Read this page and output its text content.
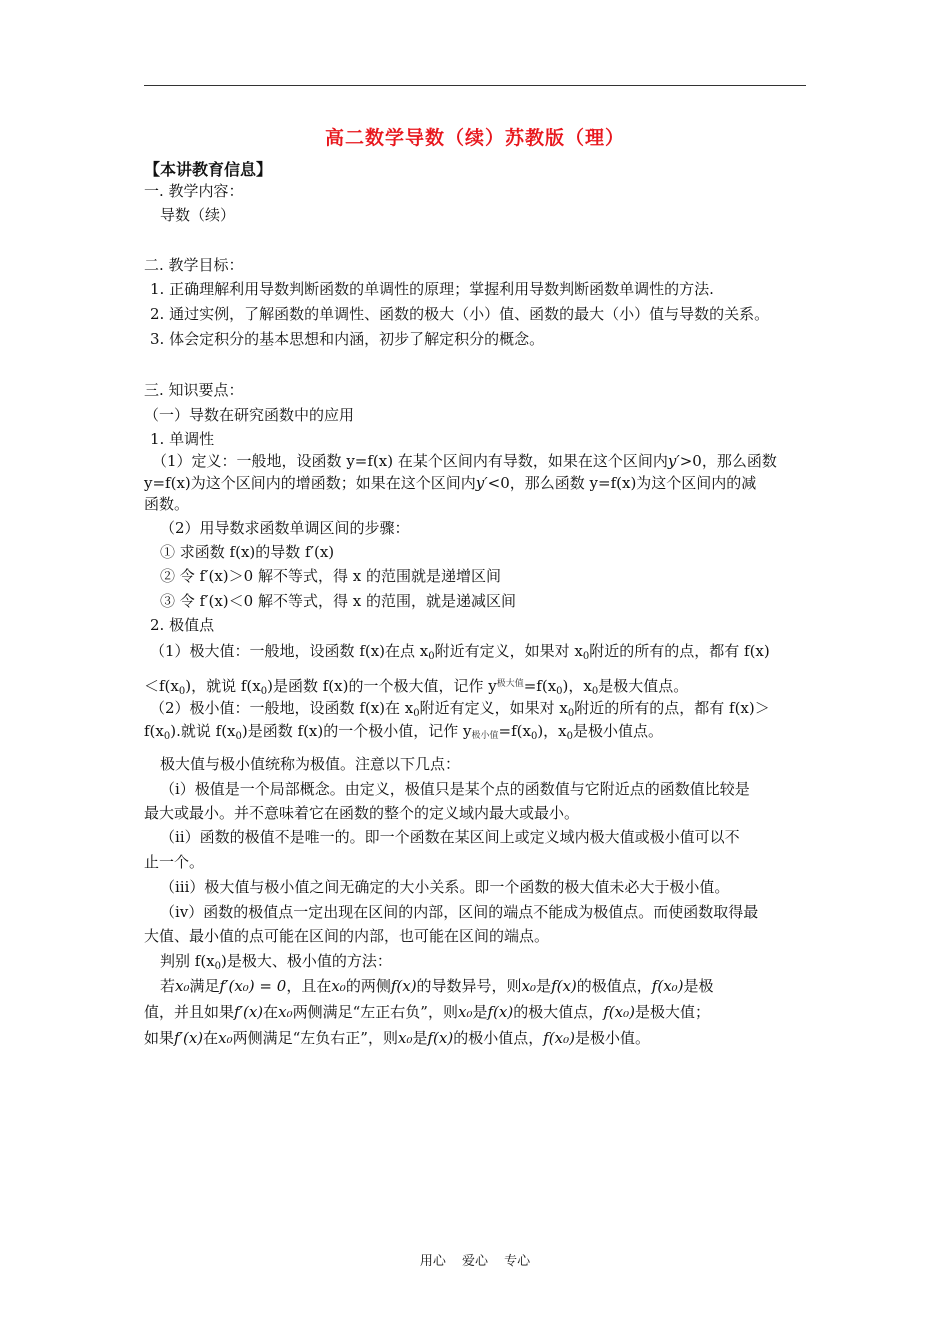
高二数学导数（续）苏教版（理）
【本讲教育信息】
一. 教学内容：
导数（续）
二. 教学目标：
1. 正确理解利用导数判断函数的单调性的原理；掌握利用导数判断函数单调性的方法.
2. 通过实例，了解函数的单调性、函数的极大（小）值、函数的最大（小）值与导数的关系。
3. 体会定积分的基本思想和内涵，初步了解定积分的概念。
三. 知识要点：
（一）导数在研究函数中的应用
1. 单调性
（1）定义：一般地，设函数 y=f(x) 在某个区间内有导数，如果在这个区间内y′>0，那么函数
y=f(x)为这个区间内的增函数；如果在这个区间内y′<0，那么函数 y=f(x)为这个区间内的减
函数。
（2）用导数求函数单调区间的步骤：
① 求函数 f(x)的导数 f′(x)
② 令 f′(x)＞0 解不等式，得 x 的范围就是递增区间
③ 令 f′(x)＜0 解不等式，得 x 的范围，就是递减区间
2. 极值点
（1）极大值：一般地，设函数 f(x)在点 $x_0$附近有定义，如果对 $x_0$附近的所有的点，都有 f(x)
$<f(x_0)$，就说 $f(x_0)$是函数 f(x)的一个极大值，记作 $y^{极大值}=f(x_0)$，$x_0$是极大值点。
（2）极小值：一般地，设函数 f(x)在 $x_0$附近有定义，如果对 $x_0$附近的所有的点，都有 f(x)＞
$f(x_0)$.就说 $f(x_0)$是函数 f(x)的一个极小值，记作 $y_{极小值}=f(x_0)$，$x_0$是极小值点。
极大值与极小值统称为极值。注意以下几点：
（ⅰ）极值是一个局部概念。由定义，极值只是某个点的函数值与它附近点的函数值比较是
最大或最小。并不意味着它在函数的整个的定义域内最大或最小。
（ⅱ）函数的极值不是唯一的。即一个函数在某区间上或定义域内极大值或极小值可以不
止一个。
（ⅲ）极大值与极小值之间无确定的大小关系。即一个函数的极大值未必大于极小值。
（ⅳ）函数的极值点一定出现在区间的内部，区间的端点不能成为极值点。而使函数取得最
大值、最小值的点可能在区间的内部，也可能在区间的端点。
判别 $f(x_0)$是极大、极小值的方法：
若x₀满足f′(x₀) = 0，且在x₀的两侧f(x)的导数异号，则x₀是f(x)的极值点，f(x₀)是极
值，并且如果f′(x)在x₀两侧满足“左正右负”，则x₀是f(x)的极大值点，f(x₀)是极大值；
如果f′(x)在x₀两侧满足“左负右正”，则x₀是f(x)的极小值点，f(x₀)是极小值。
用心 爱心 专心
